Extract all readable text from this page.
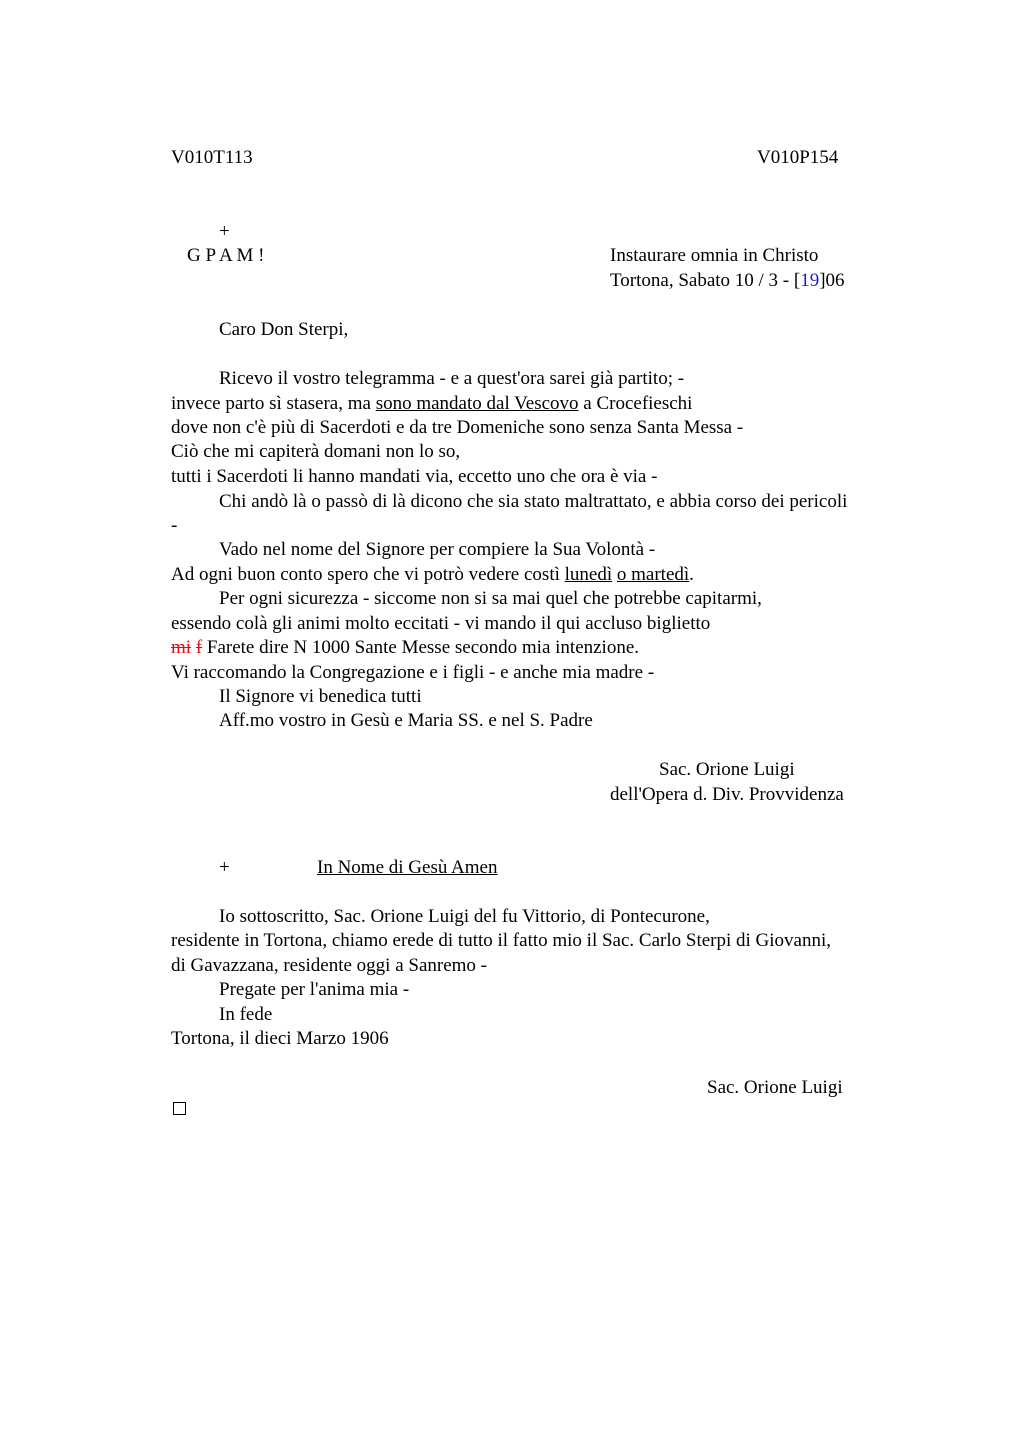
V010T113	V010P154
+
G P A M !	Instaurare omnia in Christo
Tortona, Sabato 10 / 3 - [19]06
Caro Don Sterpi,
Ricevo il vostro telegramma - e a quest'ora sarei già partito; -
invece parto sì stasera, ma sono mandato dal Vescovo a Crocefieschi
dove non c'è più di Sacerdoti e da tre Domeniche sono senza Santa Messa -
Ciò che mi capiterà domani non lo so,
tutti i Sacerdoti li hanno mandati via, eccetto uno che ora è via -
Chi andò là o passò di là dicono che sia stato maltrattato, e abbia corso dei pericoli
-
Vado nel nome del Signore per compiere la Sua Volontà -
Ad ogni buon conto spero che vi potrò vedere costì lunedì o martedì.
Per ogni sicurezza - siccome non si sa mai quel che potrebbe capitarmi,
essendo colà gli animi molto eccitati - vi mando il qui accluso biglietto
mi f Farete dire N 1000 Sante Messe secondo mia intenzione.
Vi raccomando la Congregazione e i figli - e anche mia madre -
Il Signore vi benedica tutti
Aff.mo vostro in Gesù e Maria SS. e nel S. Padre
Sac. Orione Luigi
dell'Opera d. Div. Provvidenza
+	In Nome di Gesù Amen
Io sottoscritto, Sac. Orione Luigi del fu Vittorio, di Pontecurone,
residente in Tortona, chiamo erede di tutto il fatto mio il Sac. Carlo Sterpi di Giovanni,
di Gavazzana, residente oggi a Sanremo -
Pregate per l'anima mia -
In fede
Tortona, il dieci Marzo 1906
Sac. Orione Luigi
